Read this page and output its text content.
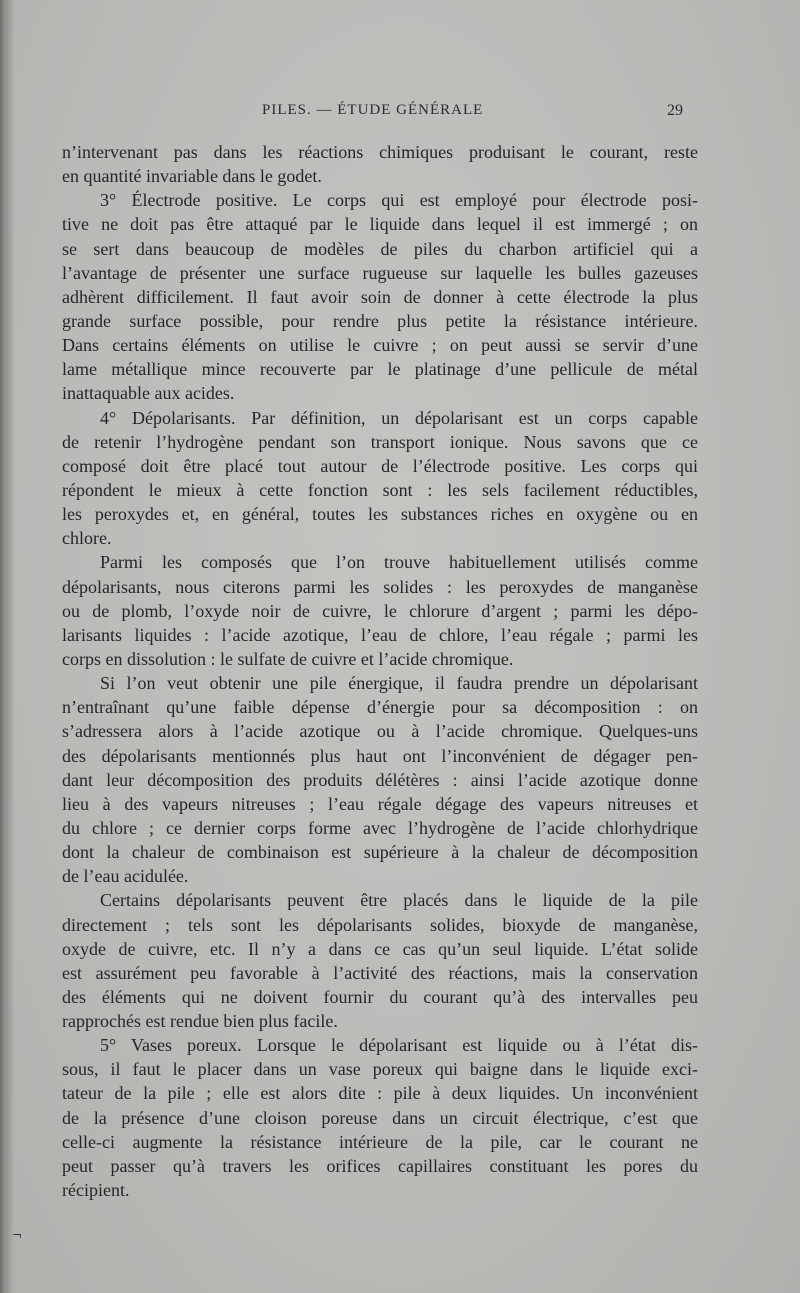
PILES. — ÉTUDE GÉNÉRALE	29
n’intervenant pas dans les réactions chimiques produisant le courant, reste
en quantité invariable dans le godet.
3° Électrode positive. Le corps qui est employé pour électrode posi-
tive ne doit pas être attaqué par le liquide dans lequel il est immergé ; on
se sert dans beaucoup de modèles de piles du charbon artificiel qui a
l’avantage de présenter une surface rugueuse sur laquelle les bulles gazeuses
adhèrent difficilement. Il faut avoir soin de donner à cette électrode la plus
grande surface possible, pour rendre plus petite la résistance intérieure.
Dans certains éléments on utilise le cuivre ; on peut aussi se servir d’une
lame métallique mince recouverte par le platinage d’une pellicule de métal
inattaquable aux acides.
4° Dépolarisants. Par définition, un dépolarisant est un corps capable
de retenir l’hydrogène pendant son transport ionique. Nous savons que ce
composé doit être placé tout autour de l’électrode positive. Les corps qui
répondent le mieux à cette fonction sont : les sels facilement réductibles,
les peroxydes et, en général, toutes les substances riches en oxygène ou en
chlore.
Parmi les composés que l’on trouve habituellement utilisés comme
dépolarisants, nous citerons parmi les solides : les peroxydes de manganèse
ou de plomb, l’oxyde noir de cuivre, le chlorure d’argent ; parmi les dépo-
larisants liquides : l’acide azotique, l’eau de chlore, l’eau régale ; parmi les
corps en dissolution : le sulfate de cuivre et l’acide chromique.
Si l’on veut obtenir une pile énergique, il faudra prendre un dépolarisant
n’entraînant qu’une faible dépense d’énergie pour sa décomposition : on
s’adressera alors à l’acide azotique ou à l’acide chromique. Quelques-uns
des dépolarisants mentionnés plus haut ont l’inconvénient de dégager pen-
dant leur décomposition des produits délétères : ainsi l’acide azotique donne
lieu à des vapeurs nitreuses ; l’eau régale dégage des vapeurs nitreuses et
du chlore ; ce dernier corps forme avec l’hydrogène de l’acide chlorhydrique
dont la chaleur de combinaison est supérieure à la chaleur de décomposition
de l’eau acidulée.
Certains dépolarisants peuvent être placés dans le liquide de la pile
directement ; tels sont les dépolarisants solides, bioxyde de manganèse,
oxyde de cuivre, etc. Il n’y a dans ce cas qu’un seul liquide. L’état solide
est assurément peu favorable à l’activité des réactions, mais la conservation
des éléments qui ne doivent fournir du courant qu’à des intervalles peu
rapprochés est rendue bien plus facile.
5° Vases poreux. Lorsque le dépolarisant est liquide ou à l’état dis-
sous, il faut le placer dans un vase poreux qui baigne dans le liquide exci-
tateur de la pile ; elle est alors dite : pile à deux liquides. Un inconvénient
de la présence d’une cloison poreuse dans un circuit électrique, c’est que
celle-ci augmente la résistance intérieure de la pile, car le courant ne
peut passer qu’à travers les orifices capillaires constituant les pores du
récipient.
¬
